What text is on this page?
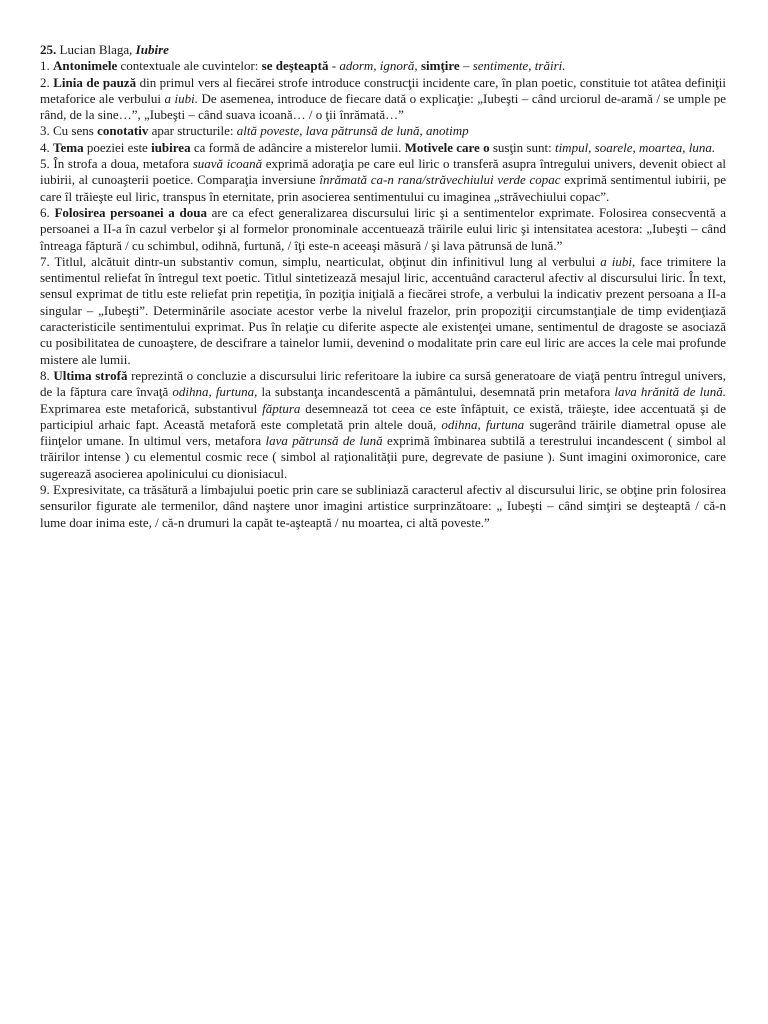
25. Lucian Blaga, Iubire

1. Antonimele contextuale ale cuvintelor: se deşteaptă - adorm, ignoră, simţire – sentimente, trăiri.

2. Linia de pauză din primul vers al fiecărei strofe introduce construcţii incidente care, în plan poetic, constituie tot atâtea definiţii metaforice ale verbului a iubi. De asemenea, introduce de fiecare dată o explicaţie: „Iubeşti – când urciorul de-aramă / se umple pe rând, de la sine…”, „Iubeşti – când suava icoană… / o ţii înrămată…”

3. Cu sens conotativ apar structurile: altă poveste, lava pătrunsă de lună, anotimp

4. Tema poeziei este iubirea ca formă de adâncire a misterelor lumii. Motivele care o susţin sunt: timpul, soarele, moartea, luna.

5. În strofa a doua, metafora suavă icoană exprimă adoraţia pe care eul liric o transferă asupra întregului univers, devenit obiect al iubirii, al cunoaşterii poetice. Comparaţia inversiune înrămată ca-n rana/străvechiului verde copac exprimă sentimentul iubirii, pe care îl trăieşte eul liric, transpus în eternitate, prin asocierea sentimentului cu imaginea „străvechiului copac”.

6. Folosirea persoanei a doua are ca efect generalizarea discursului liric şi a sentimentelor exprimate. Folosirea consecventă a persoanei a II-a în cazul verbelor şi al formelor pronominale accentuează trăirile eului liric şi intensitatea acestora: „Iubeşti – când întreaga făptură / cu schimbul, odihnă, furtună, / îţi este-n aceeaşi măsură / şi lava pătrunsă de lună.”

7. Titlul, alcătuit dintr-un substantiv comun, simplu, nearticulat, obţinut din infinitivul lung al verbului a iubi, face trimitere la sentimentul reliefat în întregul text poetic. Titlul sintetizează mesajul liric, accentuând caracterul afectiv al discursului liric. În text, sensul exprimat de titlu este reliefat prin repetiţia, în poziţia iniţială a fiecărei strofe, a verbului la indicativ prezent persoana a II-a singular – „Iubeşti”. Determinările asociate acestor verbe la nivelul frazelor, prin propoziţii circumstanţiale de timp evidenţiază caracteristicile sentimentului exprimat. Pus în relaţie cu diferite aspecte ale existenţei umane, sentimentul de dragoste se asociază cu posibilitatea de cunoaştere, de descifrare a tainelor lumii, devenind o modalitate prin care eul liric are acces la cele mai profunde mistere ale lumii.

8. Ultima strofă reprezintă o concluzie a discursului liric referitoare la iubire ca sursă generatoare de viaţă pentru întregul univers, de la făptura care învaţă odihna, furtuna, la substanţa incandescentă a pământului, desemnată prin metafora lava hrănită de lună. Exprimarea este metaforică, substantivul făptura desemnează tot ceea ce este înfăptuit, ce există, trăieşte, idee accentuată şi de participiul arhaic fapt. Această metaforă este completată prin altele două, odihna, furtuna sugerând trăirile diametral opuse ale fiinţelor umane. In ultimul vers, metafora lava pătrunsă de lună exprimă îmbinarea subtilă a terestrului incandescent ( simbol al trăirilor intense ) cu elementul cosmic rece ( simbol al raţionalităţii pure, degrevate de pasiune ). Sunt imagini oximoronice, care sugerează asocierea apolinicului cu dionisiacul.

9. Expresivitate, ca trăsătură a limbajului poetic prin care se subliniază caracterul afectiv al discursului liric, se obţine prin folosirea sensurilor figurate ale termenilor, dând naştere unor imagini artistice surprinzătoare: „ Iubeşti – când simţiri se deşteaptă / că-n lume doar inima este, / că-n drumuri la capăt te-aşteaptă / nu moartea, ci altă poveste.”
